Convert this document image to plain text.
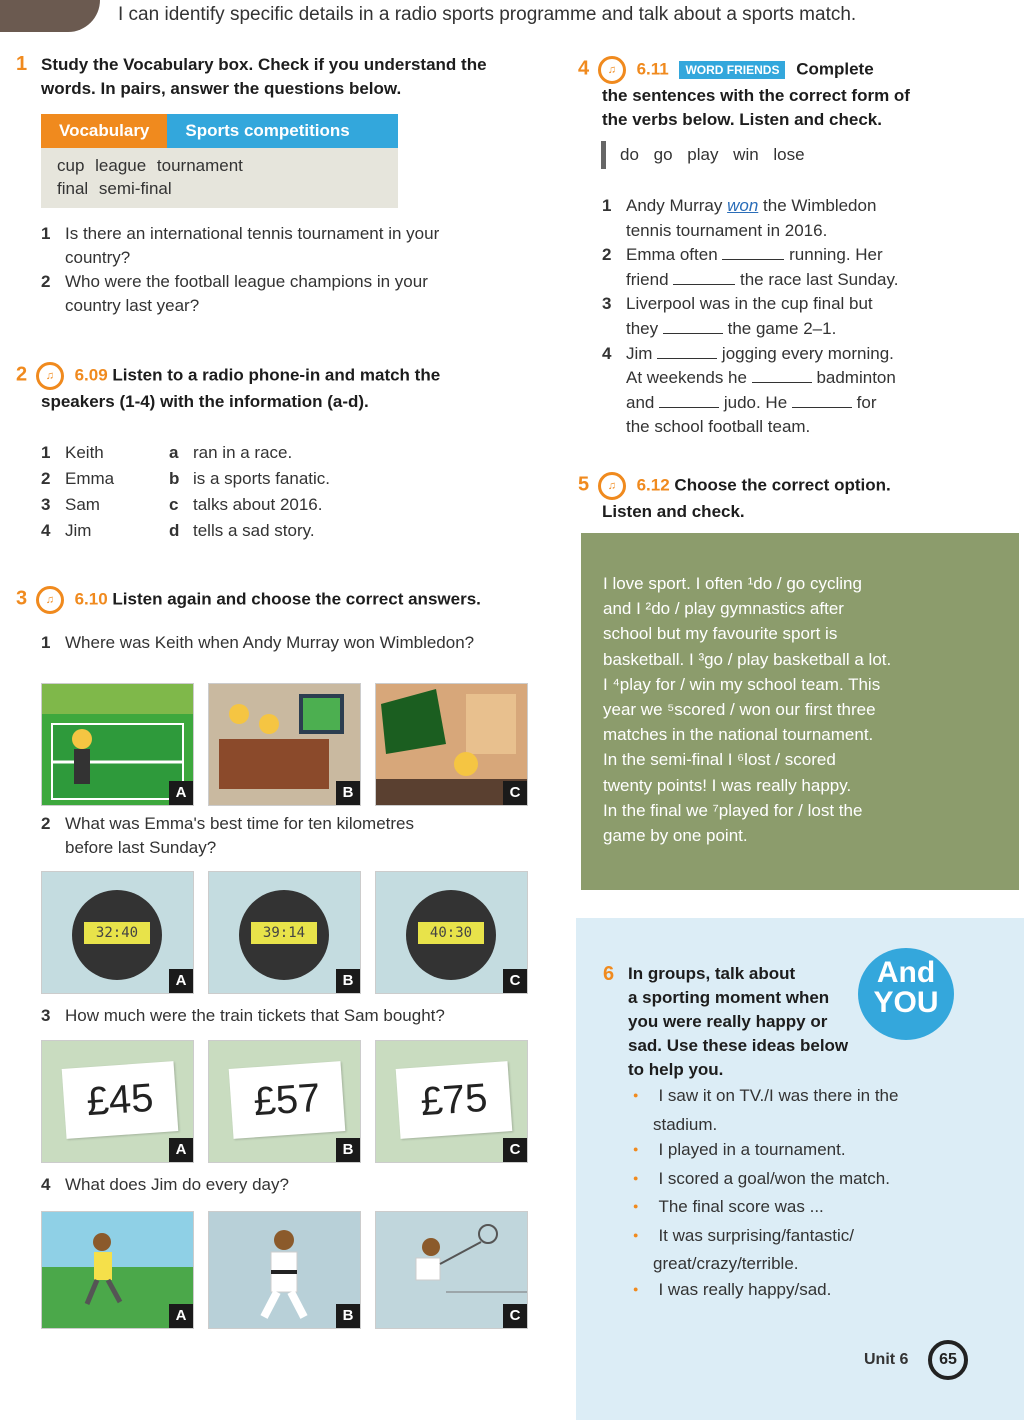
I can identify specific details in a radio sports programme and talk about a sports match.
1 Study the Vocabulary box. Check if you understand the
words. In pairs, answer the questions below.
Vocabulary	Sports competitions
cup league tournament
final semi-final
1 Is there an international tennis tournament in your
country?
2 Who were the football league champions in your
country last year?
2 ♫ 6.09 Listen to a radio phone-in and match the
speakers (1-4) with the information (a-d).
1 Keith	a ran in a race.
2 Emma	b is a sports fanatic.
3 Sam	c talks about 2016.
4 Jim	d tells a sad story.
3 ♫ 6.10 Listen again and choose the correct answers.
1 Where was Keith when Andy Murray won Wimbledon?
A	B	C
2 What was Emma's best time for ten kilometres
before last Sunday?
32:40
A
39:14
B
40:30
C
3 How much were the train tickets that Sam bought?
£45
A
£57
B
£75
C
4 What does Jim do every day?
A	B	C
4 ♫ 6.11 WORD FRIENDS Complete
the sentences with the correct form of
the verbs below. Listen and check.
do go play win lose
1 Andy Murray won the Wimbledon
tennis tournament in 2016.
2 Emma often	running. Her
friend	the race last Sunday.
3 Liverpool was in the cup final but
they	the game 2–1.
4 Jim	jogging every morning.
At weekends he	badminton
and	judo. He	for
the school football team.
5 ♫ 6.12 Choose the correct option.
Listen and check.
I love sport. I often ¹do / go cycling
and I ²do / play gymnastics after
school but my favourite sport is
basketball. I ³go / play basketball a lot.
I ⁴play for / win my school team. This
year we ⁵scored / won our first three
matches in the national tournament.
In the semi-final I ⁶lost / scored
twenty points! I was really happy.
In the final we ⁷played for / lost the
game by one point.
6 In groups, talk about
a sporting moment when
you were really happy or
sad. Use these ideas below
to help you.
And
YOU
● I saw it on TV./I was there in the
stadium.
● I played in a tournament.
● I scored a goal/won the match.
● The final score was ...
● It was surprising/fantastic/
great/crazy/terrible.
● I was really happy/sad.
Unit 6	65
